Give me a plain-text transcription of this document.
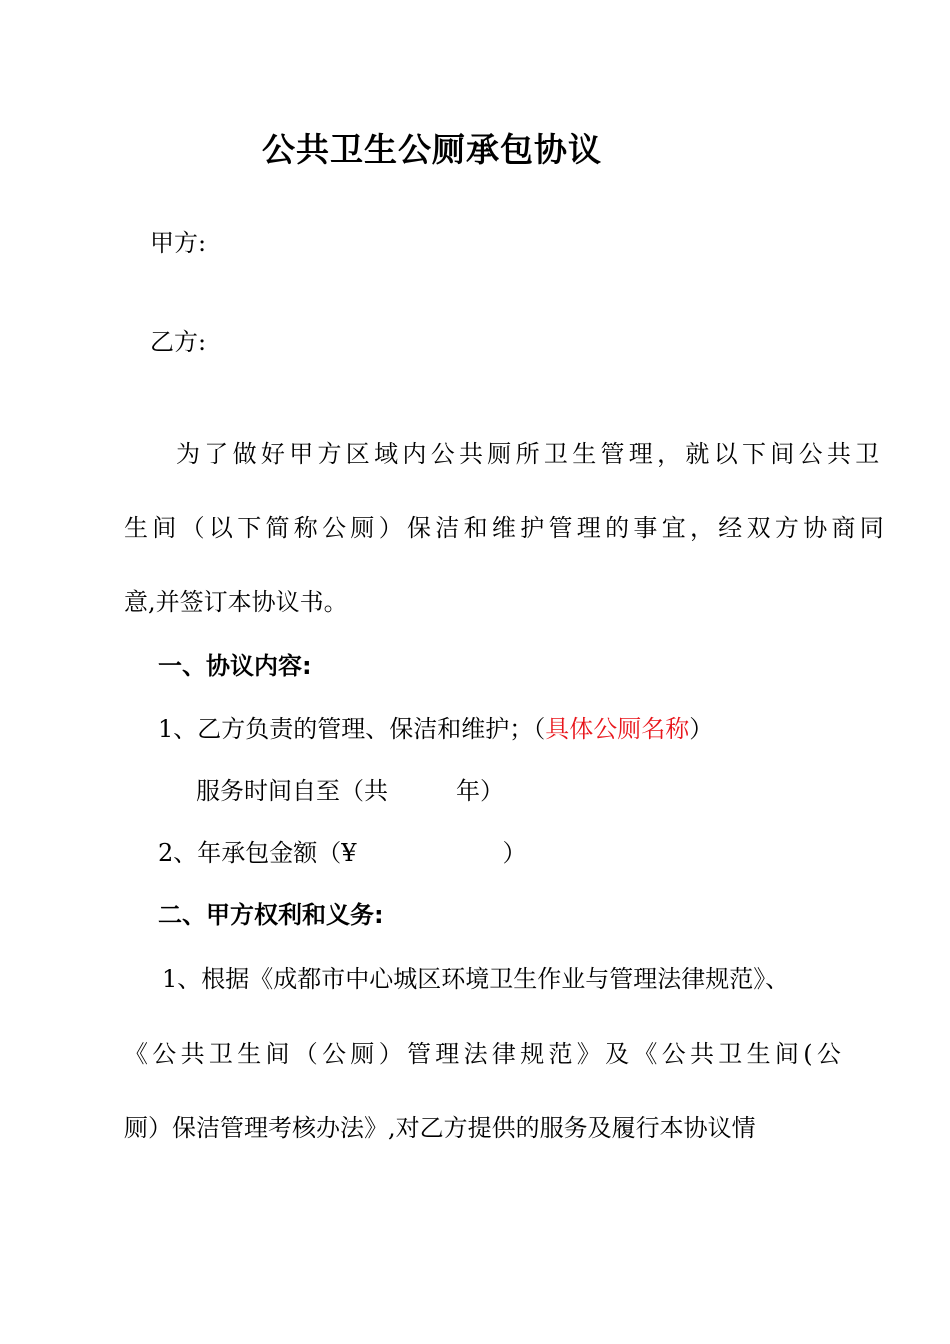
公共卫生公厕承包协议
甲方:
乙方:
为了做好甲方区域内公共厕所卫生管理，就以下间公共卫
生间（以下简称公厕）保洁和维护管理的事宜，经双方协商同
意,并签订本协议书。
一、协议内容:
1、乙方负责的管理、保洁和维护；（具体公厕名称）
服务时间自至（共	年）
2、年承包金额（¥	）
二、甲方权利和义务:
1、根据《成都市中心城区环境卫生作业与管理法律规范》、
《公共卫生间（公厕）管理法律规范》及《公共卫生间(公
厕）保洁管理考核办法》,对乙方提供的服务及履行本协议情
